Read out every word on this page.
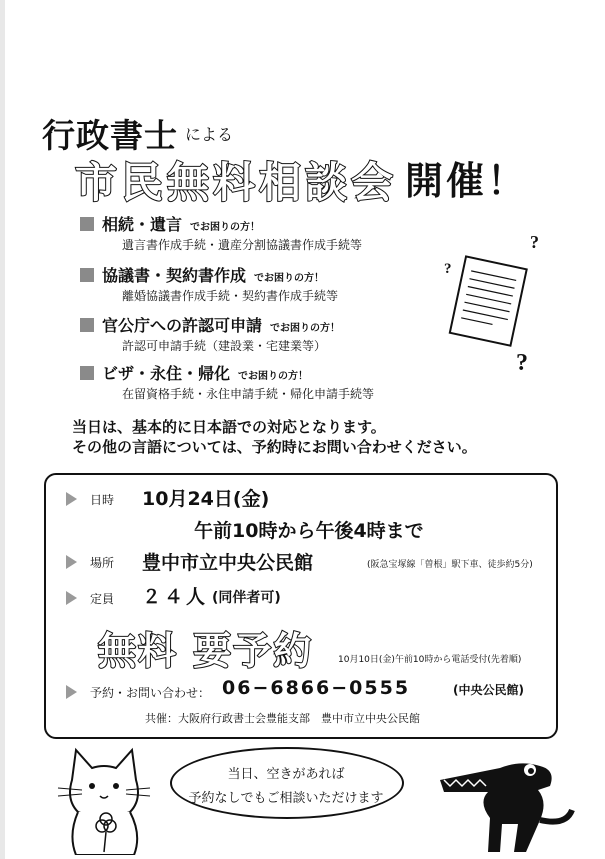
行政書士 による
市民無料相談会 開催！
相続・遺言 でお困りの方！
遺言書作成手続・遺産分割協議書作成手続等
協議書・契約書作成 でお困りの方！
離婚協議書作成手続・契約書作成手続等
官公庁への許認可申請 でお困りの方！
許認可申請手続（建設業・宅建業等）
ビザ・永住・帰化 でお困りの方！
在留資格手続・永住申請手続・帰化申請手続等
?
?
?
当日は、基本的に日本語での対応となります。
その他の言語については、予約時にお問い合わせください。
日時 10月24日(金)
午前10時から午後4時まで
場所 豊中市立中央公民館	(阪急宝塚線「曽根」駅下車、徒歩約5分)
定員 ２４人 (同伴者可)
無料 要予約	10月10日(金)午前10時から電話受付(先着順)
予約・お問い合わせ： 06−6866−0555	(中央公民館)
共催：大阪府行政書士会豊能支部　豊中市立中央公民館
当日、空きがあれば
予約なしでもご相談いただけます
